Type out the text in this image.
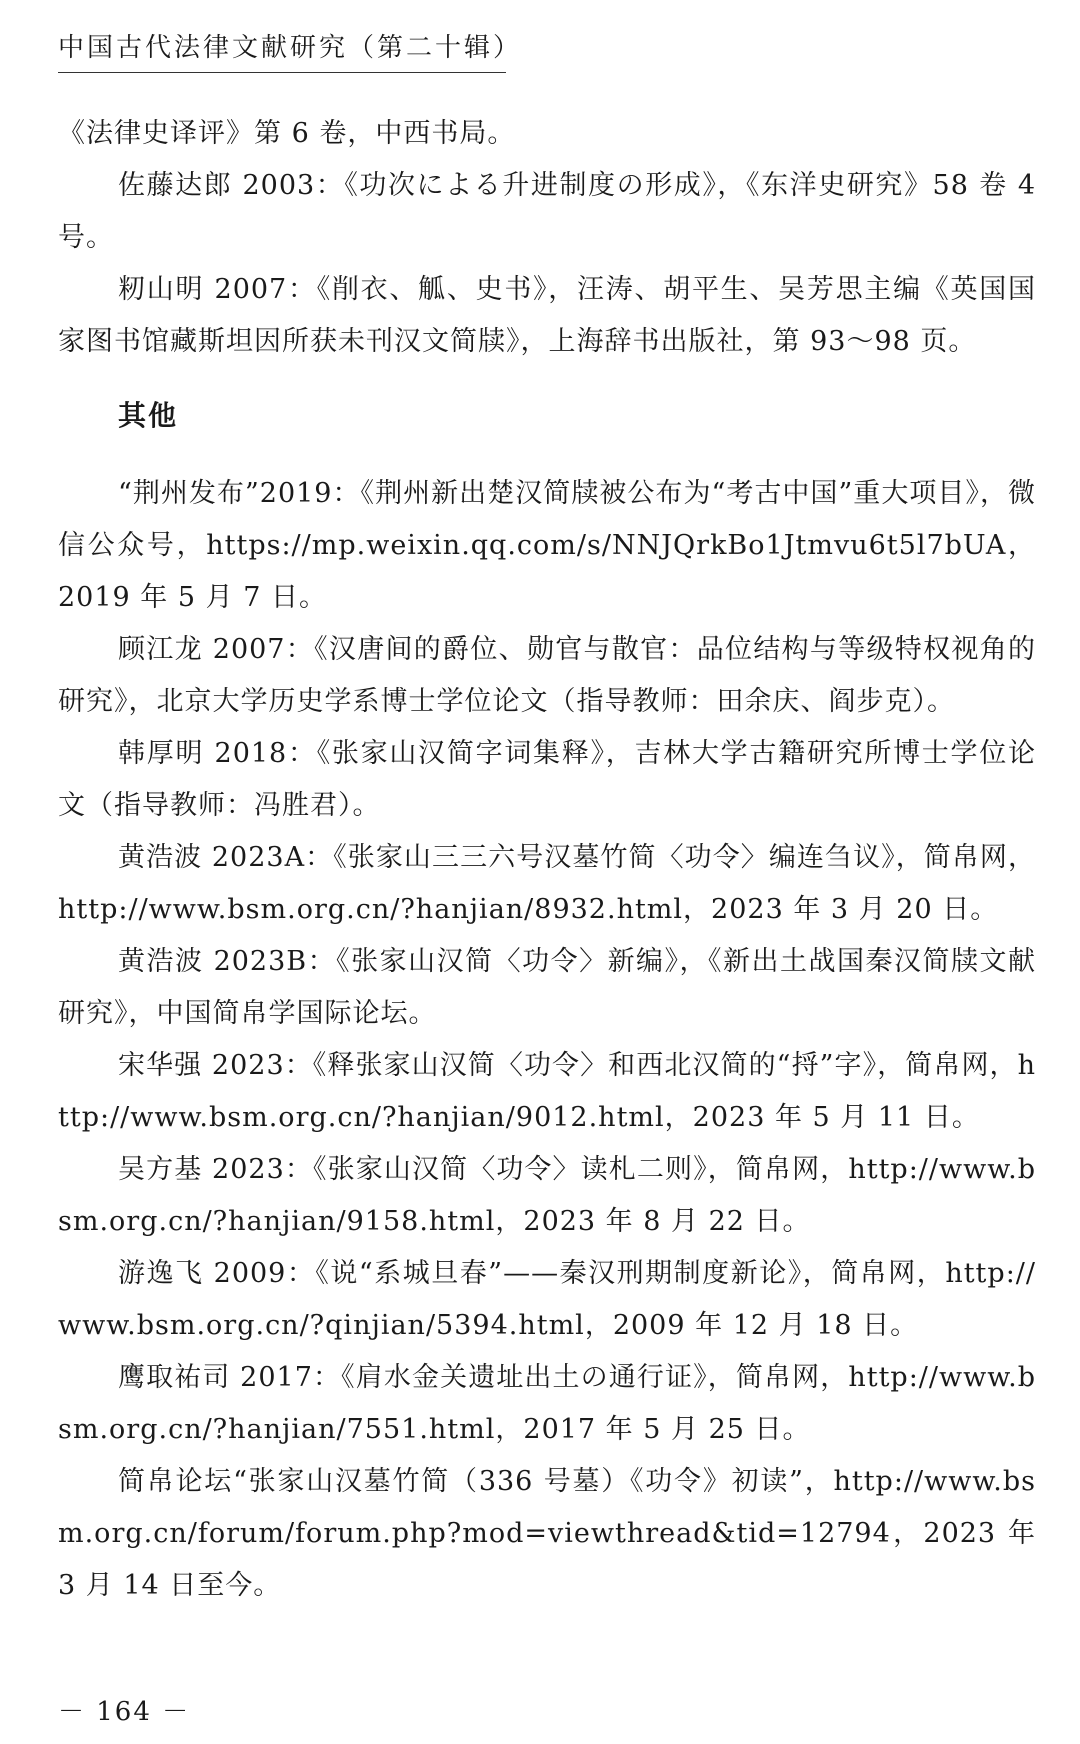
中国古代法律文献研究（第二十辑）

《法律史译评》第 6 卷，中西书局。

佐藤达郎 2003：《功次による升进制度の形成》，《东洋史研究》58 卷 4 号。

籾山明 2007：《削衣、觚、史书》，汪涛、胡平生、吴芳思主编《英国国家图书馆藏斯坦因所获未刊汉文简牍》，上海辞书出版社，第 93～98 页。

其他

“荆州发布”2019：《荆州新出楚汉简牍被公布为“考古中国”重大项目》，微信公众号，https://mp.weixin.qq.com/s/NNJQrkBo1Jtmvu6t5l7bUA，2019 年 5 月 7 日。

顾江龙 2007：《汉唐间的爵位、勋官与散官：品位结构与等级特权视角的研究》，北京大学历史学系博士学位论文（指导教师：田余庆、阎步克）。

韩厚明 2018：《张家山汉简字词集释》，吉林大学古籍研究所博士学位论文（指导教师：冯胜君）。

黄浩波 2023A：《张家山三三六号汉墓竹简〈功令〉编连刍议》，简帛网，http://www.bsm.org.cn/?hanjian/8932.html，2023 年 3 月 20 日。

黄浩波 2023B：《张家山汉简〈功令〉新编》，《新出土战国秦汉简牍文献研究》，中国简帛学国际论坛。

宋华强 2023：《释张家山汉简〈功令〉和西北汉简的“捋”字》，简帛网，http://www.bsm.org.cn/?hanjian/9012.html，2023 年 5 月 11 日。

吴方基 2023：《张家山汉简〈功令〉读札二则》，简帛网，http://www.bsm.org.cn/?hanjian/9158.html，2023 年 8 月 22 日。

游逸飞 2009：《说“系城旦春”——秦汉刑期制度新论》，简帛网，http://www.bsm.org.cn/?qinjian/5394.html，2009 年 12 月 18 日。

鹰取祐司 2017：《肩水金关遗址出土の通行证》，简帛网，http://www.bsm.org.cn/?hanjian/7551.html，2017 年 5 月 25 日。

简帛论坛“张家山汉墓竹简（336 号墓）《功令》初读”，http://www.bsm.org.cn/forum/forum.php?mod=viewthread&tid=12794，2023 年 3 月 14 日至今。

－ 164 －
